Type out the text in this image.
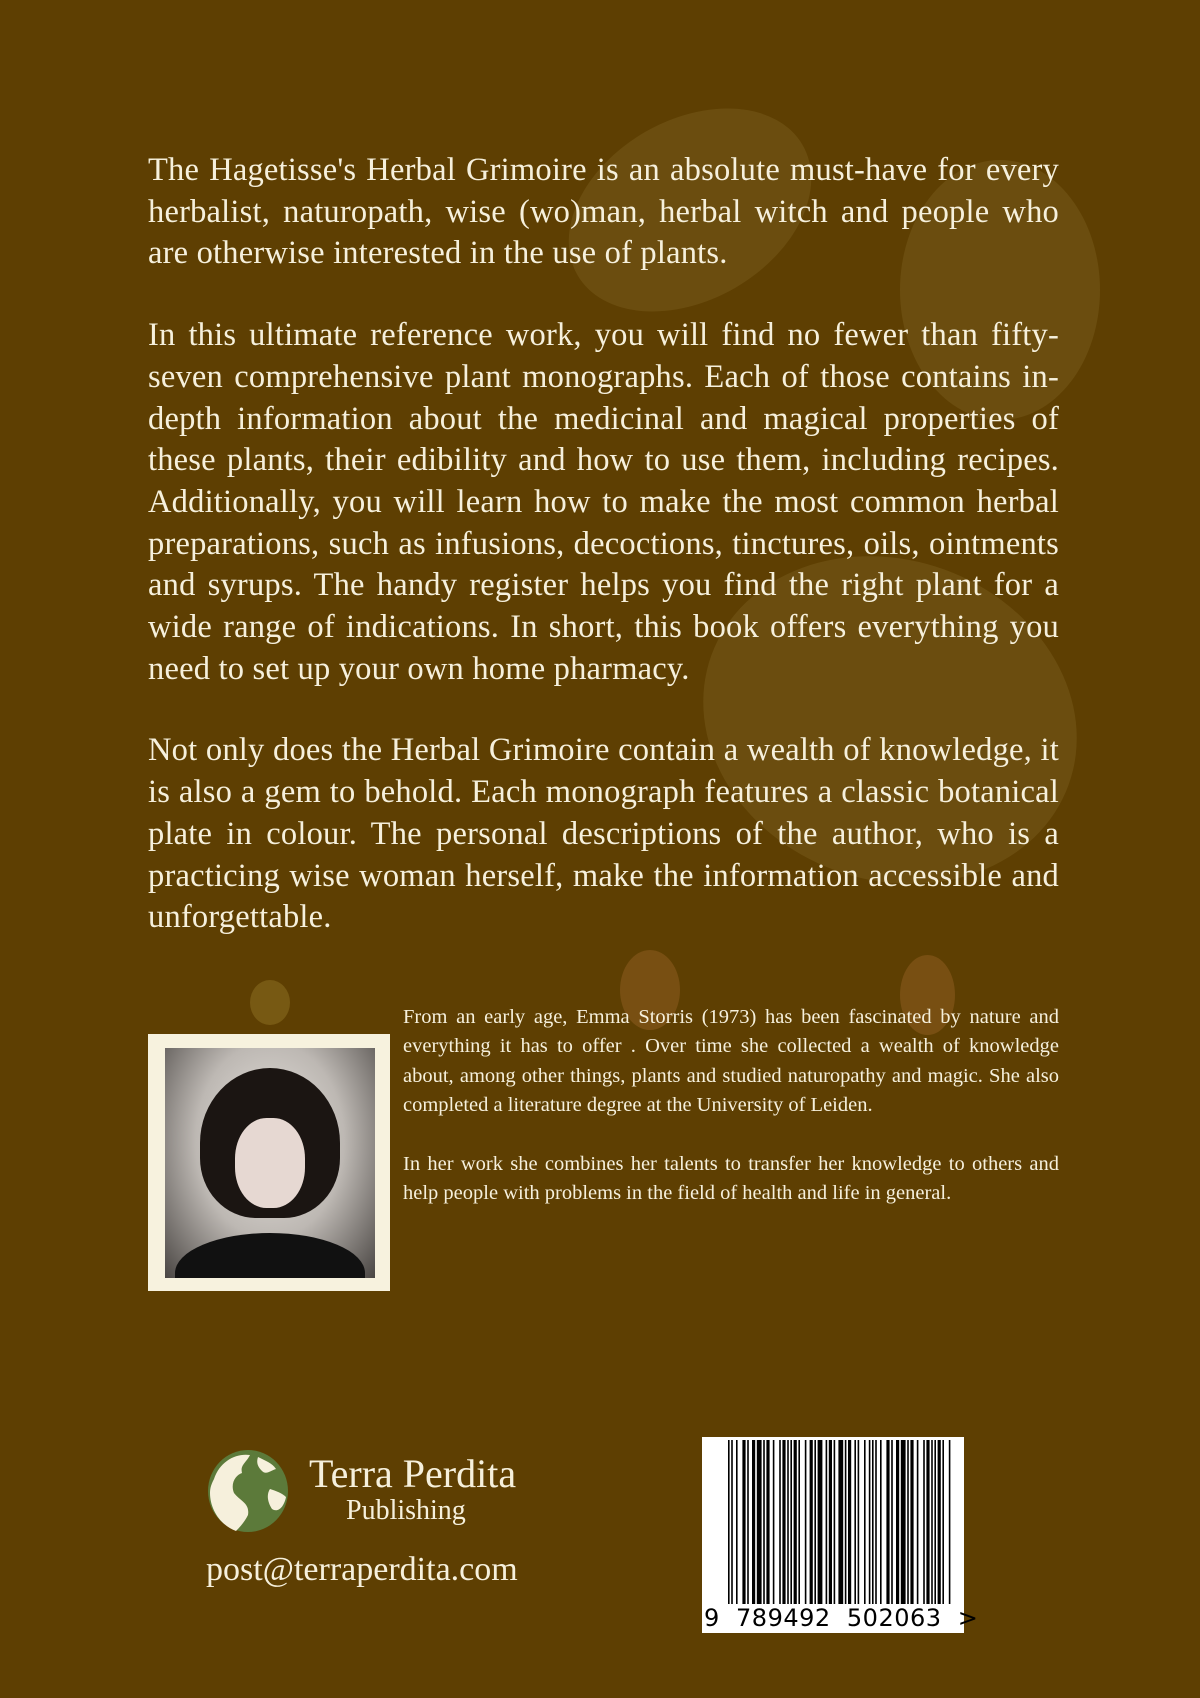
The Hagetisse's Herbal Grimoire is an absolute must-have for every herbalist, naturopath, wise (wo)man, herbal witch and people who are otherwise interested in the use of plants.

In this ultimate reference work, you will find no fewer than fifty-seven comprehensive plant monographs. Each of those contains in-depth information about the medicinal and magical properties of these plants, their edibility and how to use them, including recipes. Additionally, you will learn how to make the most common herbal preparations, such as infusions, decoctions, tinctures, oils, ointments and syrups. The handy register helps you find the right plant for a wide range of indications. In short, this book offers everything you need to set up your own home pharmacy.

Not only does the Herbal Grimoire contain a wealth of knowledge, it is also a gem to behold. Each monograph features a classic botanical plate in colour. The personal descriptions of the author, who is a practicing wise woman herself, make the information accessible and unforgettable.

From an early age, Emma Storris (1973) has been fascinated by nature and everything it has to offer . Over time she collected a wealth of knowledge about, among other things, plants and studied naturopathy and magic. She also completed a literature degree at the University of Leiden.

In her work she combines her talents to transfer her knowledge to others and help people with problems in the field of health and life in general.

Terra Perdita
Publishing
post@terraperdita.com
9  789492  502063  >
